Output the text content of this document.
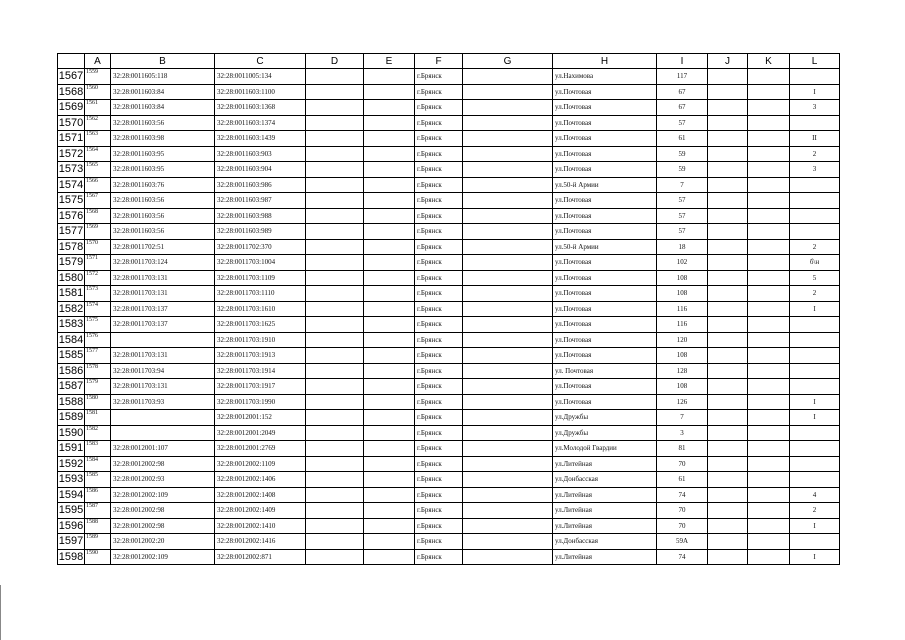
	A	B	C	D	E	F	G	H	I	J	K	L
1567	1559	32:28:0011605:118	32:28:0011005:134			г.Брянск		ул.Нахимова	117			
1568	1560	32:28:0011603:84	32:28:0011603:1100			г.Брянск		ул.Почтовая	67			I
1569	1561	32:28:0011603:84	32:28:0011603:1368			г.Брянск		ул.Почтовая	67			3
1570	1562	32:28:0011603:56	32:28:0011603:1374			г.Брянск		ул.Почтовая	57			
1571	1563	32:28:0011603:98	32:28:0011603:1439			г.Брянск		ул.Почтовая	61			II
1572	1564	32:28:0011603:95	32:28:0011603:903			г.Брянск		ул.Почтовая	59			2
1573	1565	32:28:0011603:95	32:28:0011603:904			г.Брянск		ул.Почтовая	59			3
1574	1566	32:28:0011603:76	32:28:0011603:986			г.Брянск		ул.50-й Армии	7			
1575	1567	32:28:0011603:56	32:28:0011603:987			г.Брянск		ул.Почтовая	57			
1576	1568	32:28:0011603:56	32:28:0011603:988			г.Брянск		ул.Почтовая	57			
1577	1569	32:28:0011603:56	32:28:0011603:989			г.Брянск		ул.Почтовая	57			
1578	1570	32:28:0011702:51	32:28:0011702:370			г.Брянск		ул.50-й Армии	18			2
1579	1571	32:28:0011703:124	32:28:0011703:1004			г.Брянск		ул.Почтовая	102			б\н
1580	1572	32:28:0011703:131	32:28:0011703:1109			г.Брянск		ул.Почтовая	108			5
1581	1573	32:28:0011703:131	32:28:0011703:1110			г.Брянск		ул.Почтовая	108			2
1582	1574	32:28:0011703:137	32:28:0011703:1610			г.Брянск		ул.Почтовая	116			I
1583	1575	32:28:0011703:137	32:28:0011703:1625			г.Брянск		ул.Почтовая	116			
1584	1576		32:28:0011703:1910			г.Брянск		ул.Почтовая	120			
1585	1577	32:28:0011703:131	32:28:0011703:1913			г.Брянск		ул.Почтовая	108			
1586	1578	32:28:0011703:94	32:28:0011703:1914			г.Брянск		ул. Почтовая	128			
1587	1579	32:28:0011703:131	32:28:0011703:1917			г.Брянск		ул.Почтовая	108			
1588	1580	32:28:0011703:93	32:28:0011703:1990			г.Брянск		ул.Почтовая	126			I
1589	1581		32:28:0012001:152			г.Брянск		ул.Дружбы	7			I
1590	1582		32:28:0012001:2049			г.Брянск		ул.Дружбы	3			
1591	1583	32:28:0012001:107	32:28:0012001:2769			г.Брянск		ул.Молодой Гвардии	81			
1592	1584	32:28:0012002:98	32:28:0012002:1109			г.Брянск		ул.Литейная	70			
1593	1585	32:28:0012002:93	32:28:0012002:1406			г.Брянск		ул.Донбасская	61			
1594	1586	32:28:0012002:109	32:28:0012002:1408			г.Брянск		ул.Литейная	74			4
1595	1587	32:28:0012002:98	32:28:0012002:1409			г.Брянск		ул.Литейная	70			2
1596	1588	32:28:0012002:98	32:28:0012002:1410			г.Брянск		ул.Литейная	70			I
1597	1589	32:28:0012002:20	32:28:0012002:1416			г.Брянск		ул.Донбасская	59А			
1598	1590	32:28:0012002:109	32:28:0012002:871			г.Брянск		ул.Литейная	74			I
